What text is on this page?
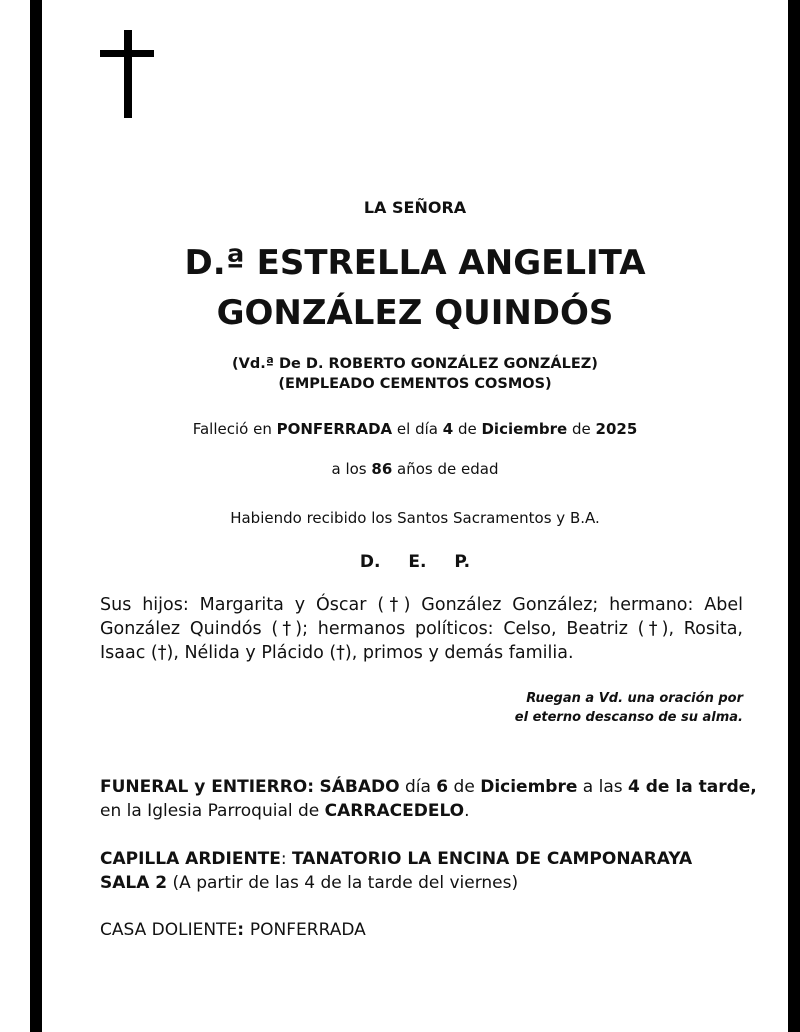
LA SEÑORA
D.ª ESTRELLA ANGELITA
GONZÁLEZ QUINDÓS
(Vd.ª De D. ROBERTO GONZÁLEZ GONZÁLEZ)
(EMPLEADO CEMENTOS COSMOS)
Falleció en PONFERRADA el día 4 de Diciembre de 2025
a los 86 años de edad
Habiendo recibido los Santos Sacramentos y B.A.
D. E. P.
Sus hijos: Margarita y Óscar (†) González González; hermano: Abel González Quindós (†); hermanos políticos: Celso, Beatriz (†), Rosita, Isaac (†), Nélida y Plácido (†), primos y demás familia.
Ruegan a Vd. una oración por
el eterno descanso de su alma.
FUNERAL y ENTIERRO: SÁBADO día 6 de Diciembre a las 4 de la tarde,
en la Iglesia Parroquial de CARRACEDELO.
CAPILLA ARDIENTE: TANATORIO LA ENCINA DE CAMPONARAYA
SALA 2 (A partir de las 4 de la tarde del viernes)
CASA DOLIENTE: PONFERRADA
